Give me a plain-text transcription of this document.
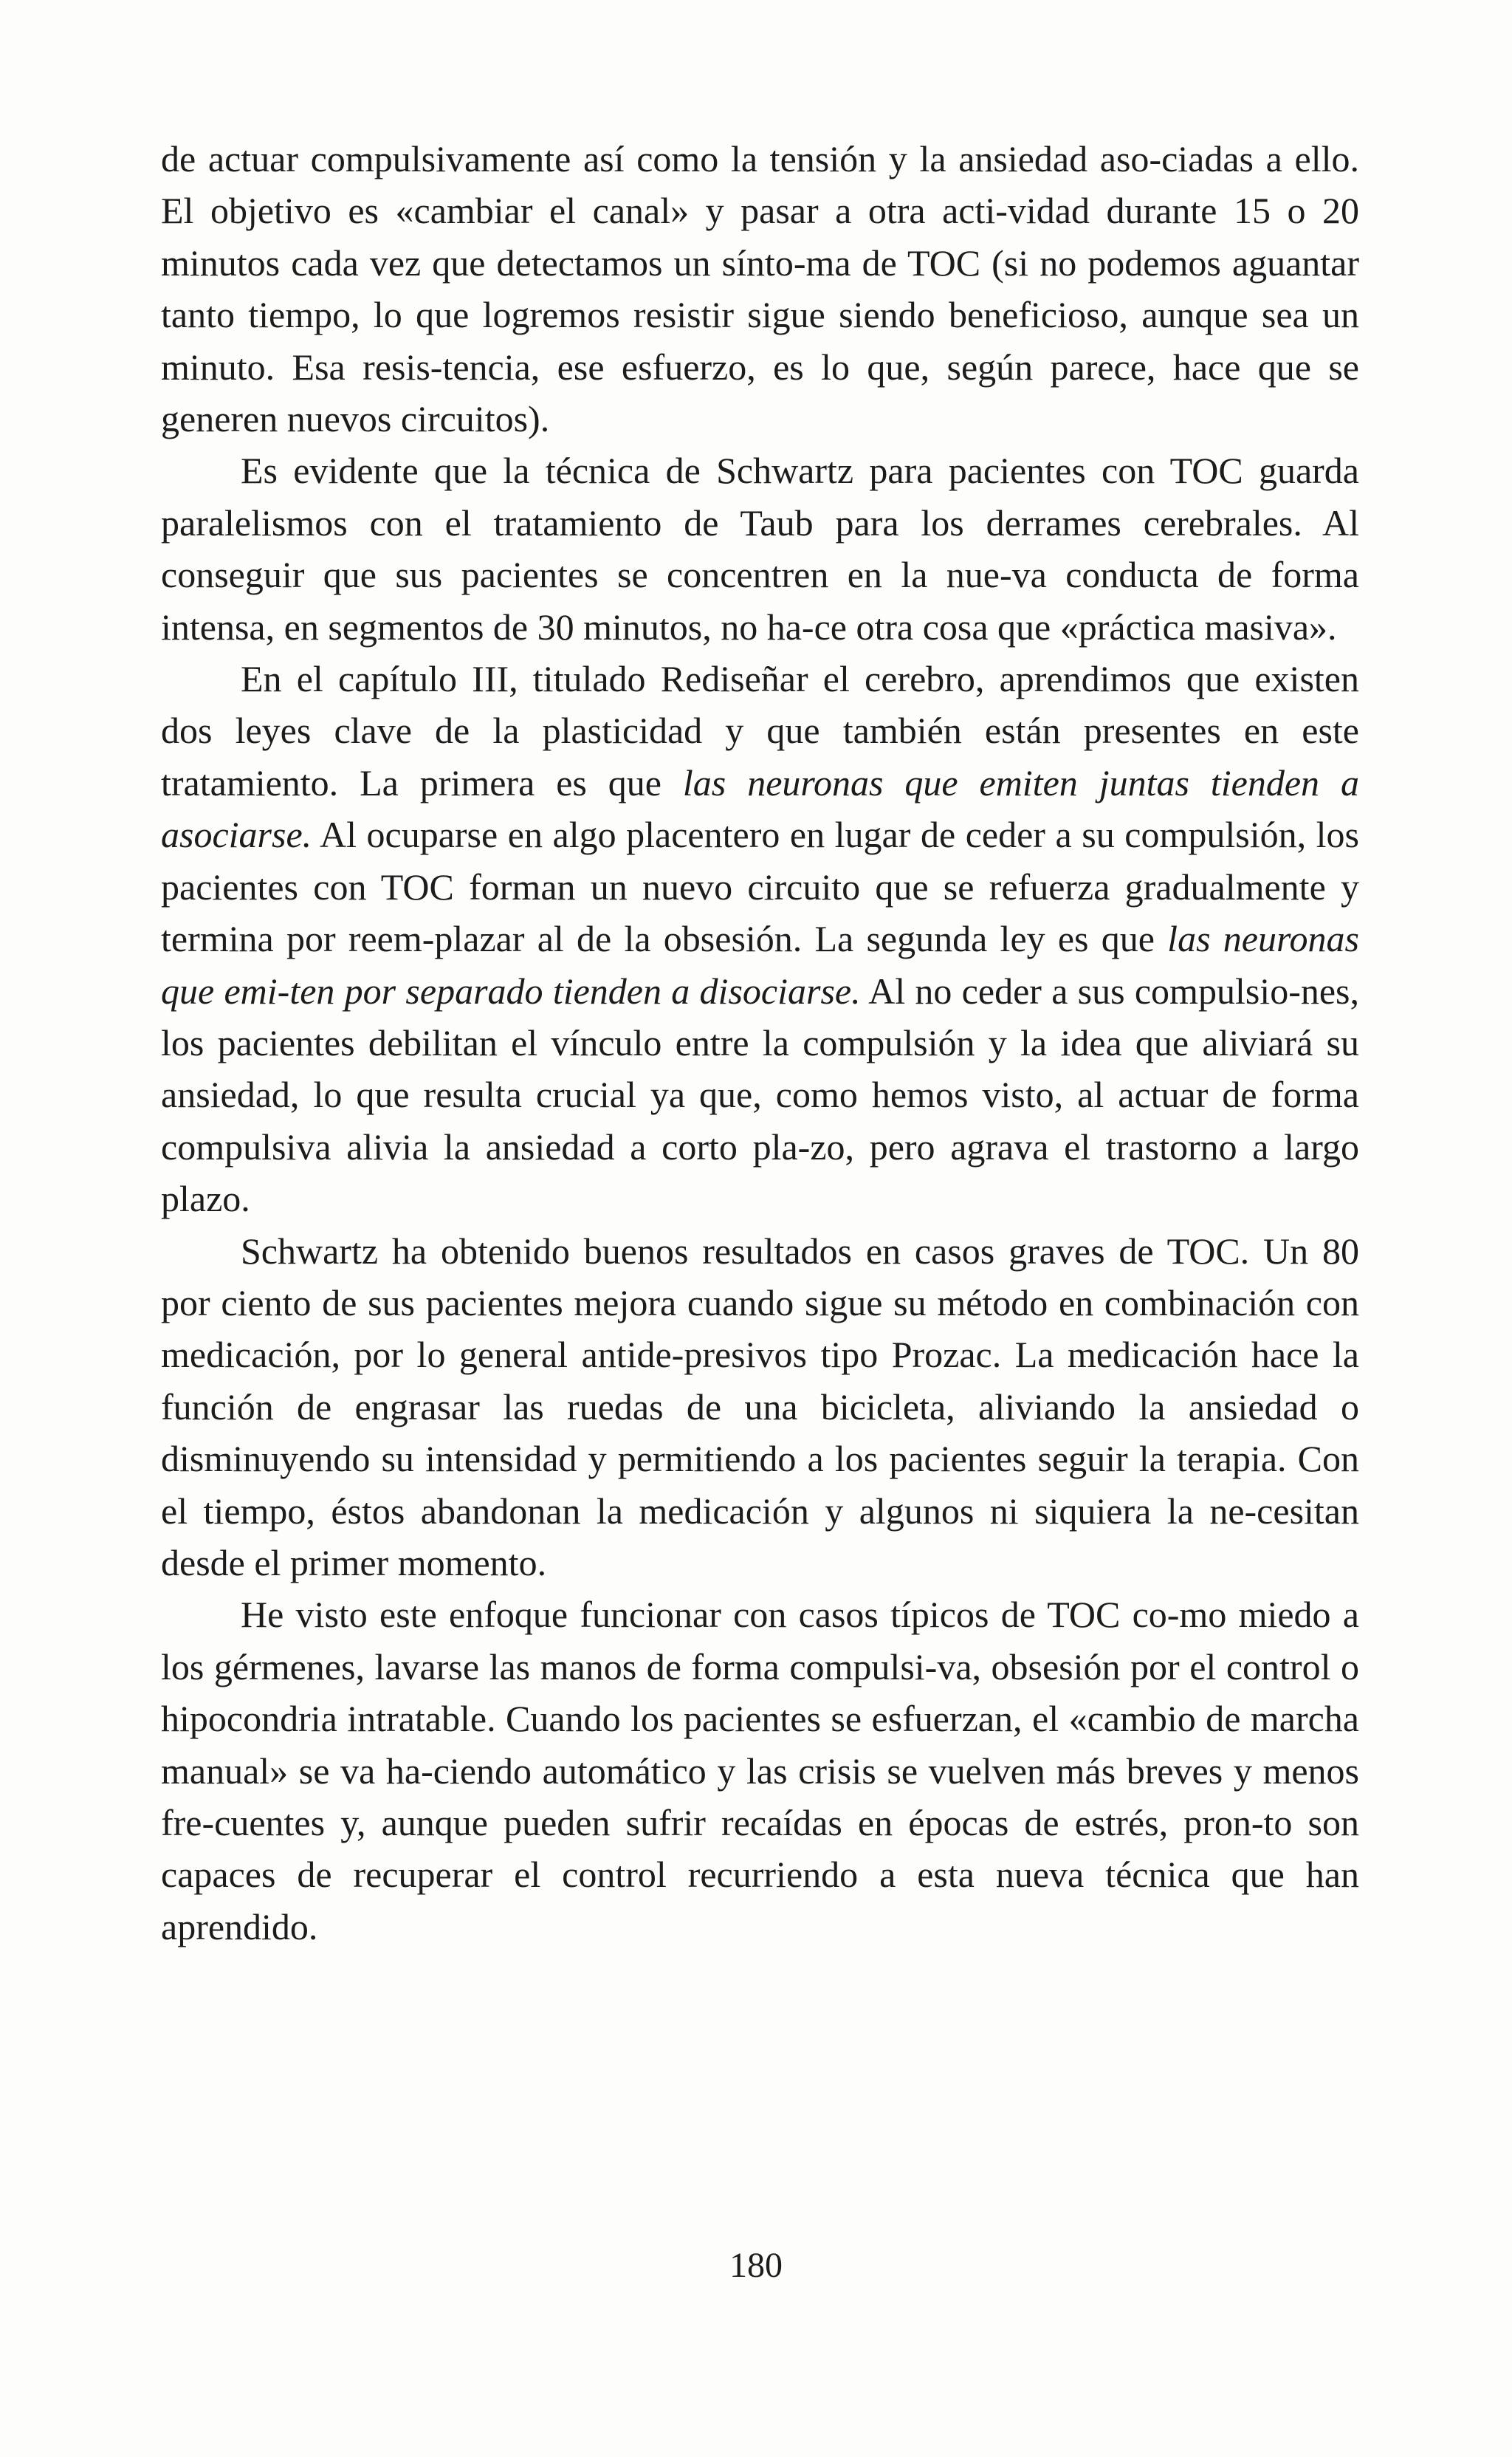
de actuar compulsivamente así como la tensión y la ansiedad aso-ciadas a ello. El objetivo es «cambiar el canal» y pasar a otra acti-vidad durante 15 o 20 minutos cada vez que detectamos un sínto-ma de TOC (si no podemos aguantar tanto tiempo, lo que logremos resistir sigue siendo beneficioso, aunque sea un minuto. Esa resis-tencia, ese esfuerzo, es lo que, según parece, hace que se generen nuevos circuitos).

Es evidente que la técnica de Schwartz para pacientes con TOC guarda paralelismos con el tratamiento de Taub para los derrames cerebrales. Al conseguir que sus pacientes se concentren en la nue-va conducta de forma intensa, en segmentos de 30 minutos, no ha-ce otra cosa que «práctica masiva».

En el capítulo III, titulado Rediseñar el cerebro, aprendimos que existen dos leyes clave de la plasticidad y que también están presentes en este tratamiento. La primera es que las neuronas que emiten juntas tienden a asociarse. Al ocuparse en algo placentero en lugar de ceder a su compulsión, los pacientes con TOC forman un nuevo circuito que se refuerza gradualmente y termina por reem-plazar al de la obsesión. La segunda ley es que las neuronas que emi-ten por separado tienden a disociarse. Al no ceder a sus compulsio-nes, los pacientes debilitan el vínculo entre la compulsión y la idea que aliviará su ansiedad, lo que resulta crucial ya que, como hemos visto, al actuar de forma compulsiva alivia la ansiedad a corto pla-zo, pero agrava el trastorno a largo plazo.

Schwartz ha obtenido buenos resultados en casos graves de TOC. Un 80 por ciento de sus pacientes mejora cuando sigue su método en combinación con medicación, por lo general antide-presivos tipo Prozac. La medicación hace la función de engrasar las ruedas de una bicicleta, aliviando la ansiedad o disminuyendo su intensidad y permitiendo a los pacientes seguir la terapia. Con el tiempo, éstos abandonan la medicación y algunos ni siquiera la ne-cesitan desde el primer momento.

He visto este enfoque funcionar con casos típicos de TOC co-mo miedo a los gérmenes, lavarse las manos de forma compulsi-va, obsesión por el control o hipocondria intratable. Cuando los pacientes se esfuerzan, el «cambio de marcha manual» se va ha-ciendo automático y las crisis se vuelven más breves y menos fre-cuentes y, aunque pueden sufrir recaídas en épocas de estrés, pron-to son capaces de recuperar el control recurriendo a esta nueva técnica que han aprendido.

180
